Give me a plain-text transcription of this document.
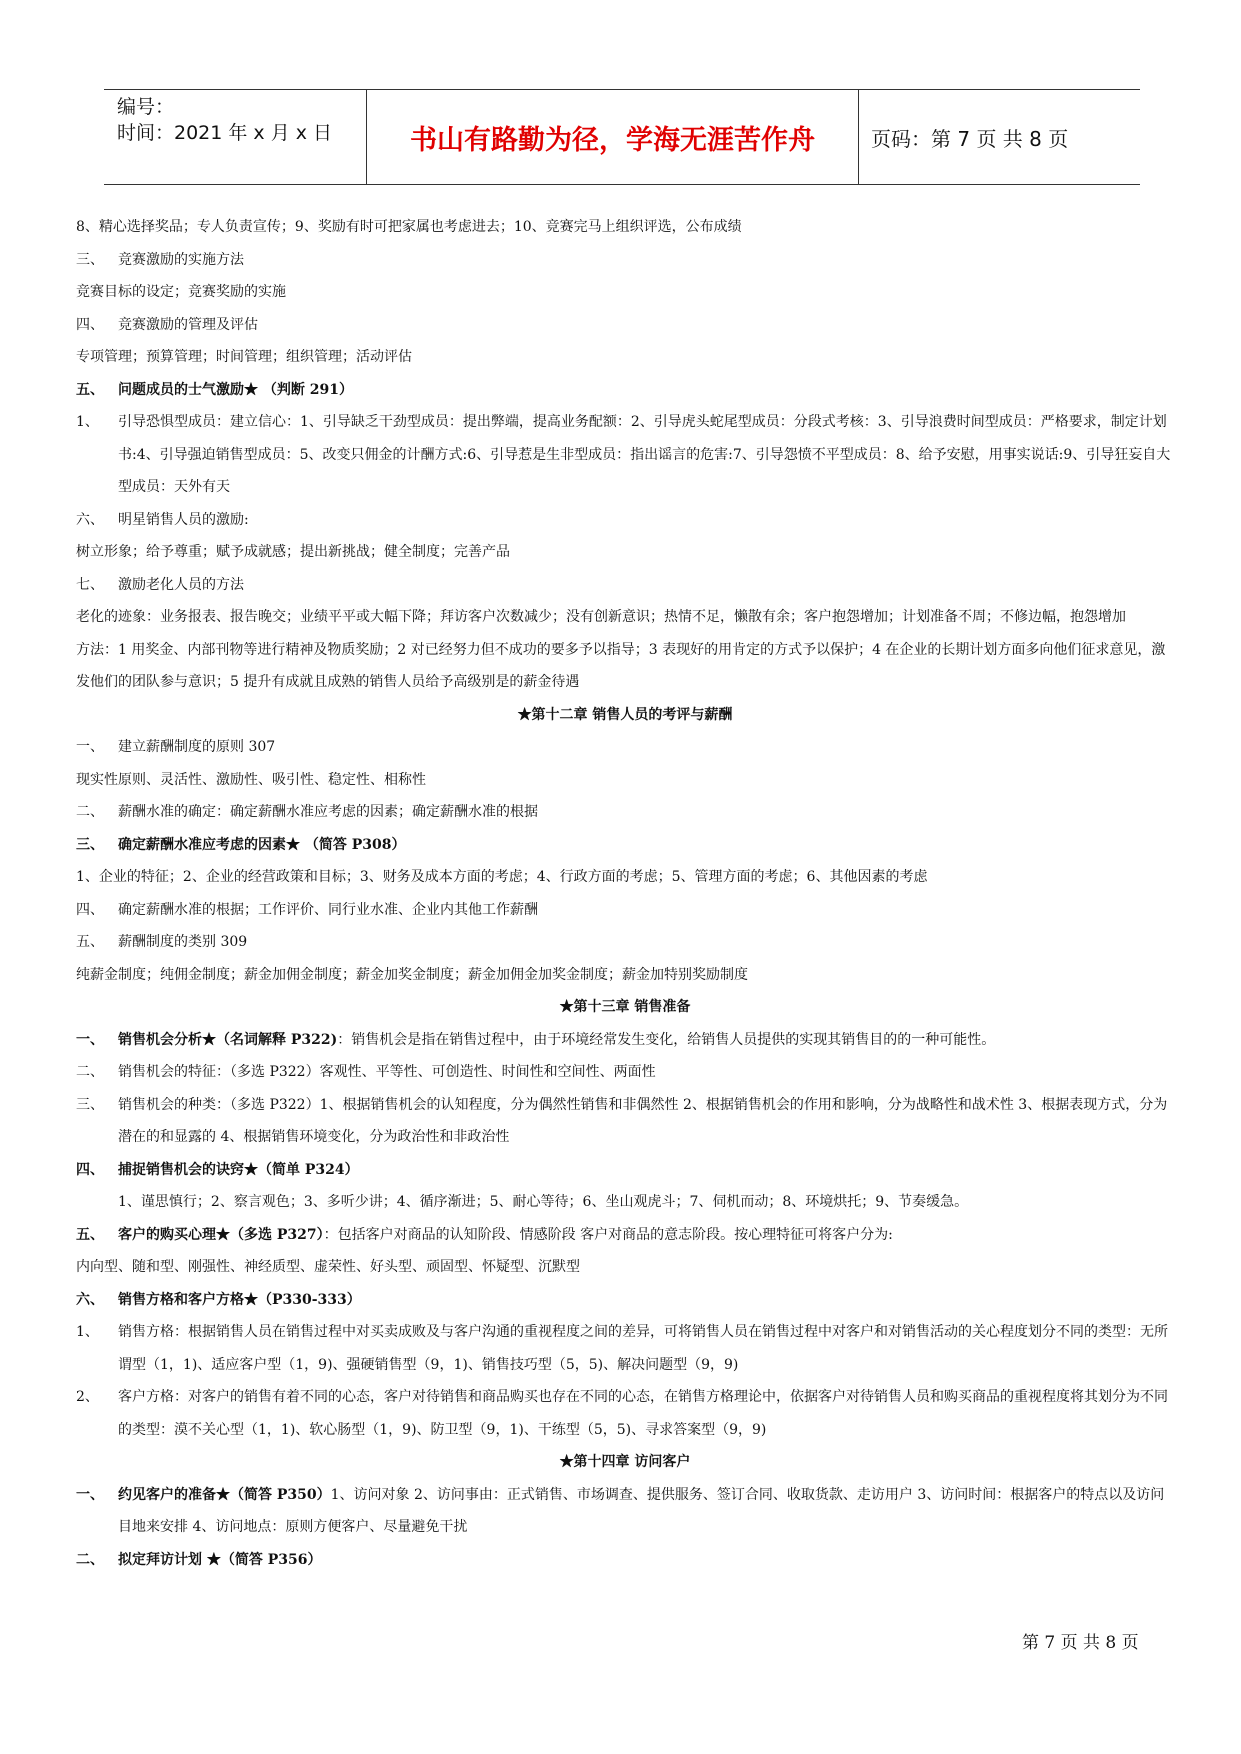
编号：
时间：2021 年 x 月 x 日	书山有路勤为径，学海无涯苦作舟	页码：第 7 页 共 8 页
8、精心选择奖品；专人负责宣传；9、奖励有时可把家属也考虑进去；10、竞赛完马上组织评选，公布成绩
三、 竞赛激励的实施方法
竞赛目标的设定；竞赛奖励的实施
四、 竞赛激励的管理及评估
专项管理；预算管理；时间管理；组织管理；活动评估
五、 问题成员的士气激励★ （判断 291）
1、	引导恐惧型成员：建立信心：1、引导缺乏干劲型成员：提出弊端，提高业务配额：2、引导虎头蛇尾型成员：分段式考核：3、引导浪费时间型成员：严格要求，制定计划书:4、引导强迫销售型成员：5、改变只佣金的计酬方式:6、引导惹是生非型成员：指出谣言的危害:7、引导怨愤不平型成员：8、给予安慰，用事实说话:9、引导狂妄自大型成员：天外有天
六、 明星销售人员的激励:
树立形象；给予尊重；赋予成就感；提出新挑战；健全制度；完善产品
七、 激励老化人员的方法
老化的迹象：业务报表、报告晚交；业绩平平或大幅下降；拜访客户次数减少；没有创新意识；热情不足，懒散有余；客户抱怨增加；计划准备不周；不修边幅，抱怨增加
方法：1 用奖金、内部刊物等进行精神及物质奖励；2 对已经努力但不成功的要多予以指导；3 表现好的用肯定的方式予以保护；4 在企业的长期计划方面多向他们征求意见，激发他们的团队参与意识；5 提升有成就且成熟的销售人员给予高级别是的薪金待遇
★第十二章 销售人员的考评与薪酬
一、 建立薪酬制度的原则 307
现实性原则、灵活性、激励性、吸引性、稳定性、相称性
二、 薪酬水准的确定：确定薪酬水准应考虑的因素；确定薪酬水准的根据
三、 确定薪酬水准应考虑的因素★ （简答 P308）
1、企业的特征；2、企业的经营政策和目标；3、财务及成本方面的考虑；4、行政方面的考虑；5、管理方面的考虑；6、其他因素的考虑
四、 确定薪酬水准的根据；工作评价、同行业水准、企业内其他工作薪酬
五、 薪酬制度的类别 309
纯薪金制度；纯佣金制度；薪金加佣金制度；薪金加奖金制度；薪金加佣金加奖金制度；薪金加特别奖励制度
★第十三章 销售准备
一、 销售机会分析★（名词解释 P322)：销售机会是指在销售过程中，由于环境经常发生变化，给销售人员提供的实现其销售目的的一种可能性。
二、 销售机会的特征：（多选 P322）客观性、平等性、可创造性、时间性和空间性、两面性
三、	销售机会的种类：（多选 P322）1、根据销售机会的认知程度，分为偶然性销售和非偶然性 2、根据销售机会的作用和影响，分为战略性和战术性 3、根据表现方式，分为潜在的和显露的 4、根据销售环境变化，分为政治性和非政治性
四、 捕捉销售机会的诀窍★（简单 P324）
1、谨思慎行；2、察言观色；3、多听少讲；4、循序渐进；5、耐心等待；6、坐山观虎斗；7、伺机而动；8、环境烘托；9、节奏缓急。
五、 客户的购买心理★（多选 P327）：包括客户对商品的认知阶段、情感阶段 客户对商品的意志阶段。按心理特征可将客户分为:
内向型、随和型、刚强性、神经质型、虚荣性、好头型、顽固型、怀疑型、沉默型
六、 销售方格和客户方格★（P330-333）
1、	销售方格：根据销售人员在销售过程中对买卖成败及与客户沟通的重视程度之间的差异，可将销售人员在销售过程中对客户和对销售活动的关心程度划分不同的类型：无所谓型（1，1)、适应客户型（1，9)、强硬销售型（9，1)、销售技巧型（5，5)、解决问题型（9，9)
2、	客户方格：对客户的销售有着不同的心态，客户对待销售和商品购买也存在不同的心态，在销售方格理论中，依据客户对待销售人员和购买商品的重视程度将其划分为不同的类型：漠不关心型（1，1)、软心肠型（1，9)、防卫型（9，1)、干练型（5，5)、寻求答案型（9，9)
★第十四章 访问客户
一、	约见客户的准备★（简答 P350）1、访问对象 2、访问事由：正式销售、市场调查、提供服务、签订合同、收取货款、走访用户 3、访问时间：根据客户的特点以及访问目地来安排 4、访问地点：原则方便客户、尽量避免干扰
二、 拟定拜访计划 ★（简答 P356）
第 7 页 共 8 页
